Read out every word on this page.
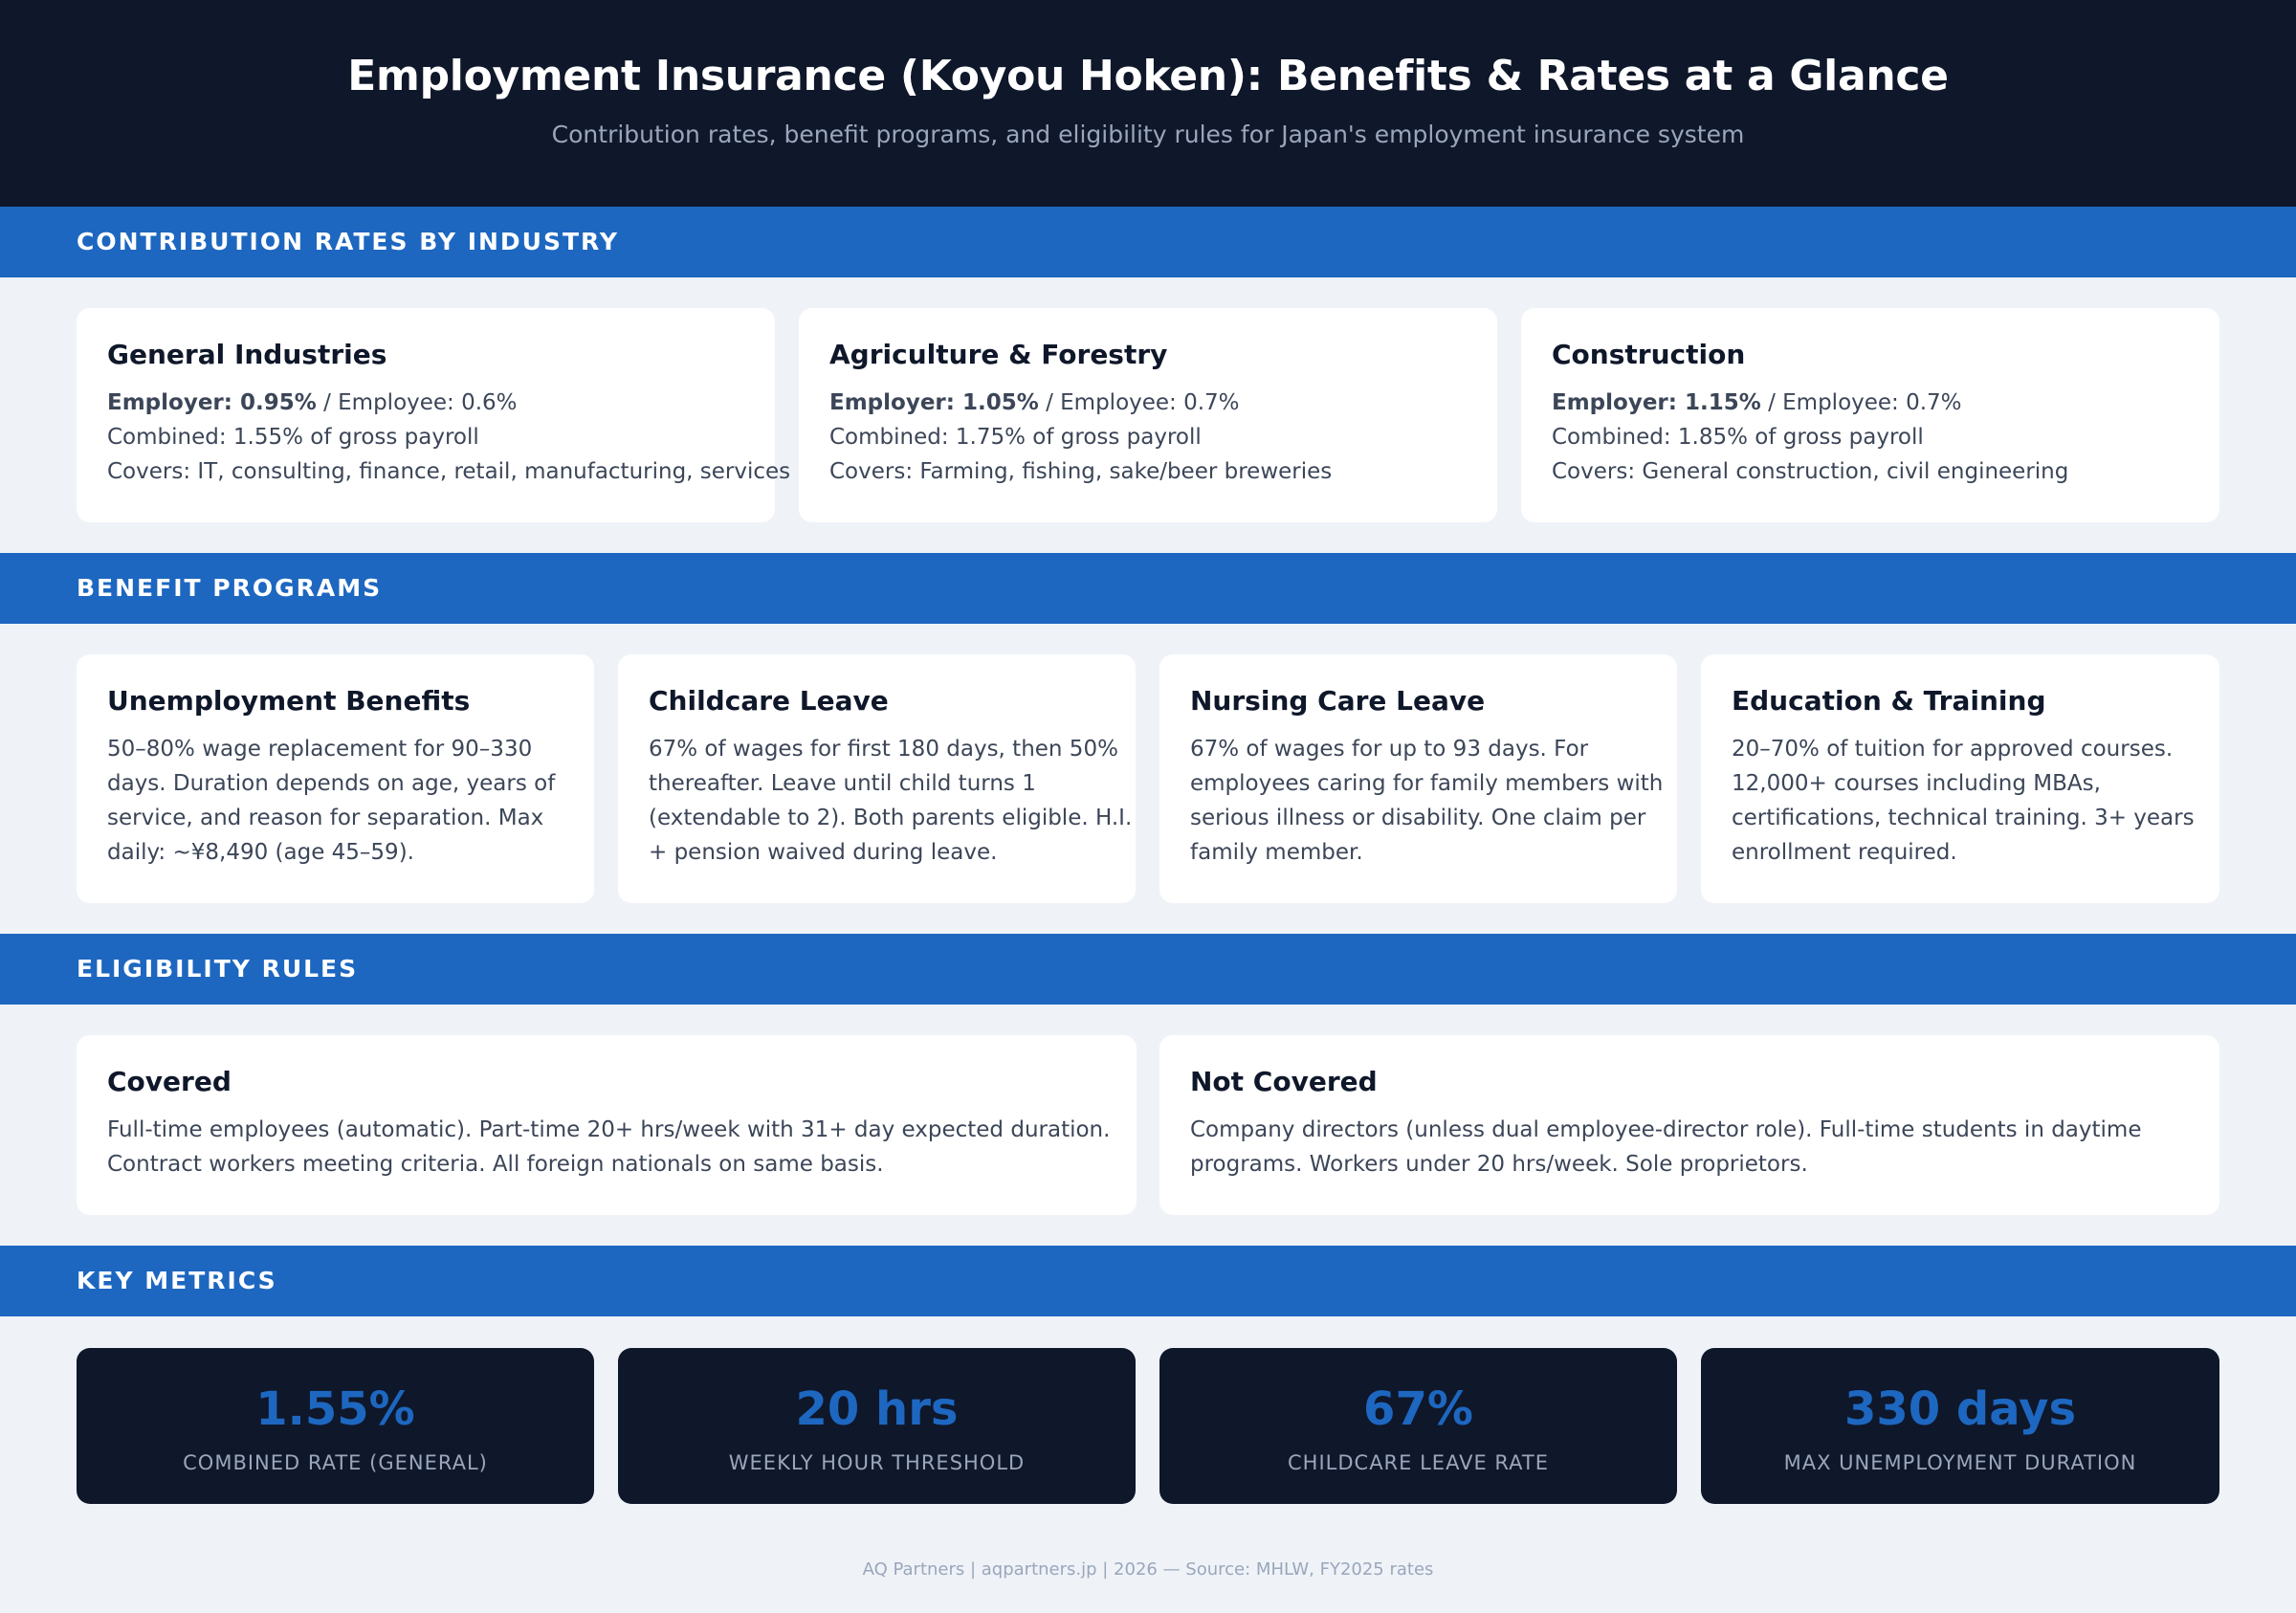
Employment Insurance (Koyou Hoken): Benefits & Rates at a Glance

Contribution rates, benefit programs, and eligibility rules for Japan's employment insurance system

CONTRIBUTION RATES BY INDUSTRY
General Industries
Employer: 0.95% / Employee: 0.6%
Combined: 1.55% of gross payroll
Covers: IT, consulting, finance, retail, manufacturing, services
Agriculture & Forestry
Employer: 1.05% / Employee: 0.7%
Combined: 1.75% of gross payroll
Covers: Farming, fishing, sake/beer breweries
Construction
Employer: 1.15% / Employee: 0.7%
Combined: 1.85% of gross payroll
Covers: General construction, civil engineering
BENEFIT PROGRAMS
Unemployment Benefits
50–80% wage replacement for 90–330
days. Duration depends on age, years of
service, and reason for separation. Max
daily: ~¥8,490 (age 45–59).
Childcare Leave
67% of wages for first 180 days, then 50%
thereafter. Leave until child turns 1
(extendable to 2). Both parents eligible. H.I.
+ pension waived during leave.
Nursing Care Leave
67% of wages for up to 93 days. For
employees caring for family members with
serious illness or disability. One claim per
family member.
Education & Training
20–70% of tuition for approved courses.
12,000+ courses including MBAs,
certifications, technical training. 3+ years
enrollment required.
ELIGIBILITY RULES
Covered
Full-time employees (automatic). Part-time 20+ hrs/week with 31+ day expected duration.
Contract workers meeting criteria. All foreign nationals on same basis.
Not Covered
Company directors (unless dual employee-director role). Full-time students in daytime
programs. Workers under 20 hrs/week. Sole proprietors.
KEY METRICS
1.55%
COMBINED RATE (GENERAL)
20 hrs
WEEKLY HOUR THRESHOLD
67%
CHILDCARE LEAVE RATE
330 days
MAX UNEMPLOYMENT DURATION
AQ Partners | aqpartners.jp | 2026 — Source: MHLW, FY2025 rates
